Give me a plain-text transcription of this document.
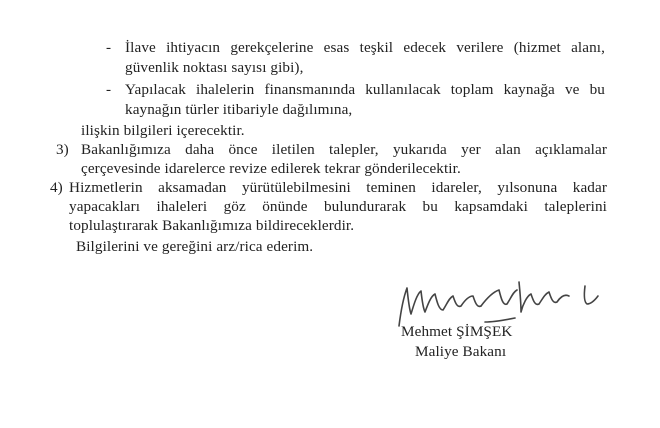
- İlave ihtiyacın gerekçelerine esas teşkil edecek verilere (hizmet alanı,
güvenlik noktası sayısı gibi),
- Yapılacak ihalelerin finansmanında kullanılacak toplam kaynağa ve bu
kaynağın türler itibariyle dağılımına,
ilişkin bilgileri içerecektir.
3) Bakanlığımıza daha önce iletilen talepler, yukarıda yer alan açıklamalar
çerçevesinde idarelerce revize edilerek tekrar gönderilecektir.
4) Hizmetlerin aksamadan yürütülebilmesini teminen idareler, yılsonuna kadar
yapacakları ihaleleri göz önünde bulundurarak bu kapsamdaki taleplerini
toplulaştırarak Bakanlığımıza bildireceklerdir.
Bilgilerini ve gereğini arz/rica ederim.
Mehmet ŞİMŞEK
Maliye Bakanı
